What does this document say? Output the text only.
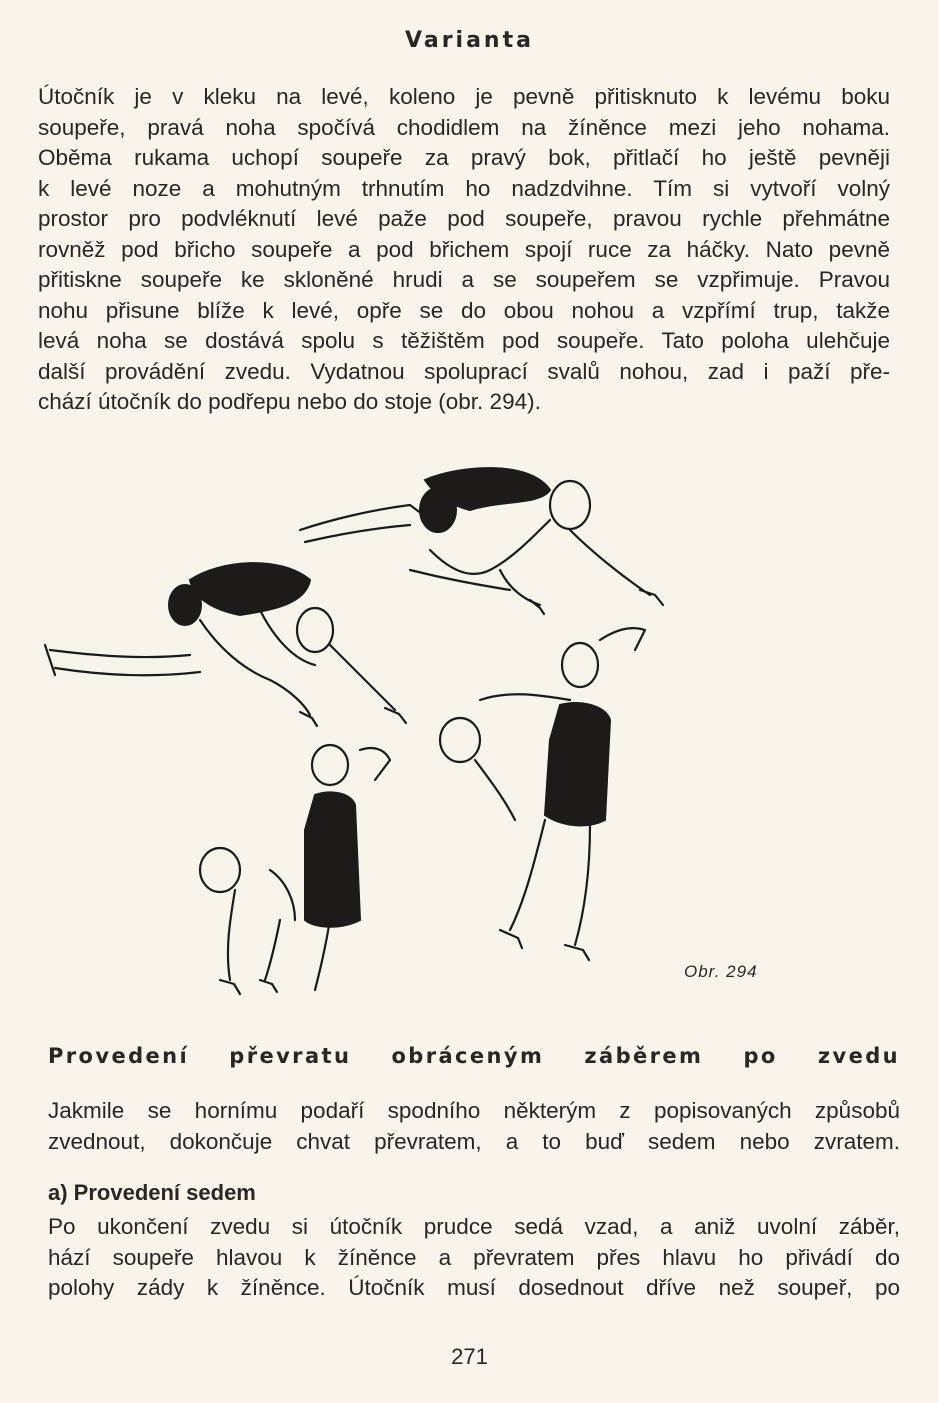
Varianta
Útočník je v kleku na levé, koleno je pevně přitisknuto k levému boku
soupeře, pravá noha spočívá chodidlem na žíněnce mezi jeho nohama.
Oběma rukama uchopí soupeře za pravý bok, přitlačí ho ještě pevněji
k levé noze a mohutným trhnutím ho nadzdvihne. Tím si vytvoří volný
prostor pro podvléknutí levé paže pod soupeře, pravou rychle přehmátne
rovněž pod břicho soupeře a pod břichem spojí ruce za háčky. Nato pevně
přitiskne soupeře ke skloněné hrudi a se soupeřem se vzpřimuje. Pravou
nohu přisune blíže k levé, opře se do obou nohou a vzpřímí trup, takže
levá noha se dostává spolu s těžištěm pod soupeře. Tato poloha ulehčuje
další provádění zvedu. Vydatnou spoluprací svalů nohou, zad i paží pře-
chází útočník do podřepu nebo do stoje (obr. 294).
Obr. 294
Provedení převratu obráceným záběrem po zvedu
Jakmile se hornímu podaří spodního některým z popisovaných způsobů
zvednout, dokončuje chvat převratem, a to buď sedem nebo zvratem.
a) Provedení sedem
Po ukončení zvedu si útočník prudce sedá vzad, a aniž uvolní záběr,
hází soupeře hlavou k žíněnce a převratem přes hlavu ho přivádí do
polohy zády k žíněnce. Útočník musí dosednout dříve než soupeř, po
271
